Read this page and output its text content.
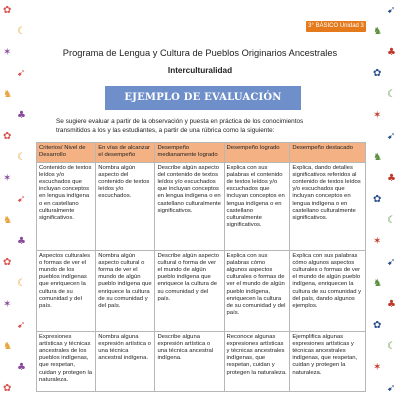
✿
☾
✶
➹
♞
♣
✿
☾
✶
➹
♞
♣
✿
☾
✶
➹
♞
♣
✿
➹
♞
♣
✿
☾
✶
➹
♞
♣
✿
☾
✶
➹
♞
♣
✿
☾
✶
➹
3° BÁSICO Unidad 3
Programa de Lengua y Cultura de Pueblos Originarios Ancestrales
Interculturalidad
EJEMPLO DE EVALUACIÓN
Se sugiere evaluar a partir de la observación y puesta en práctica de los conocimientos
transmitidos a los y las estudiantes, a partir de una rúbrica como la siguiente:
Criterios/ Nivel de Desarrollo	En vías de alcanzar el desempeño	Desempeño medianamente logrado	Desempeño logrado	Desempeño destacado
Contenido de textos leídos y/o escuchados que incluyan conceptos en lengua indígena o en castellano culturalmente significativos.	Nombra algún aspecto del contenido de textos leídos y/o escuchados.	Describe algún aspecto del contenido de textos leídos y/o escuchados que incluyan conceptos en lengua indígena o en castellano culturalmente significativos.	Explica con sus palabras el contenido de textos leídos y/o escuchados que incluyan conceptos en lengua indígena o en castellano culturalmente significativos.	Explica, dando detalles significativos referidos al contenido de textos leídos y/o escuchados que incluyan conceptos en lengua indígena o en castellano culturalmente significativos.
Aspectos culturales o formas de ver el mundo de los pueblos indígenas que enriquecen la cultura de su comunidad y del país.	Nombra algún aspecto cultural o forma de ver el mundo de algún pueblo indígena que enriquece la cultura de su comunidad y del país.	Describe algún aspecto cultural o forma de ver el mundo de algún pueblo indígena que enriquece la cultura de su comunidad y del país.	Explica con sus palabras cómo algunos aspectos culturales o formas de ver el mundo de algún pueblo indígena, enriquecen la cultura de su comunidad y del país.	Explica con sus palabras cómo algunos aspectos culturales o formas de ver el mundo de algún pueblo indígena, enriquecen la cultura de su comunidad y del país, dando algunos ejemplos.
Expresiones artísticas y técnicas ancestrales de los pueblos indígenas, que respetan, cuidan y protegen la naturaleza.	Nombra alguna expresión artística o una técnica ancestral indígena.	Describe alguna expresión artística o una técnica ancestral indígena.	Reconoce algunas expresiones artísticas y técnicas ancestrales indígenas, que respetan, cuidan y protegen la naturaleza.	Ejemplifica algunas expresiones artísticas y técnicas ancestrales indígenas, que respetan, cuidan y protegen la naturaleza.
